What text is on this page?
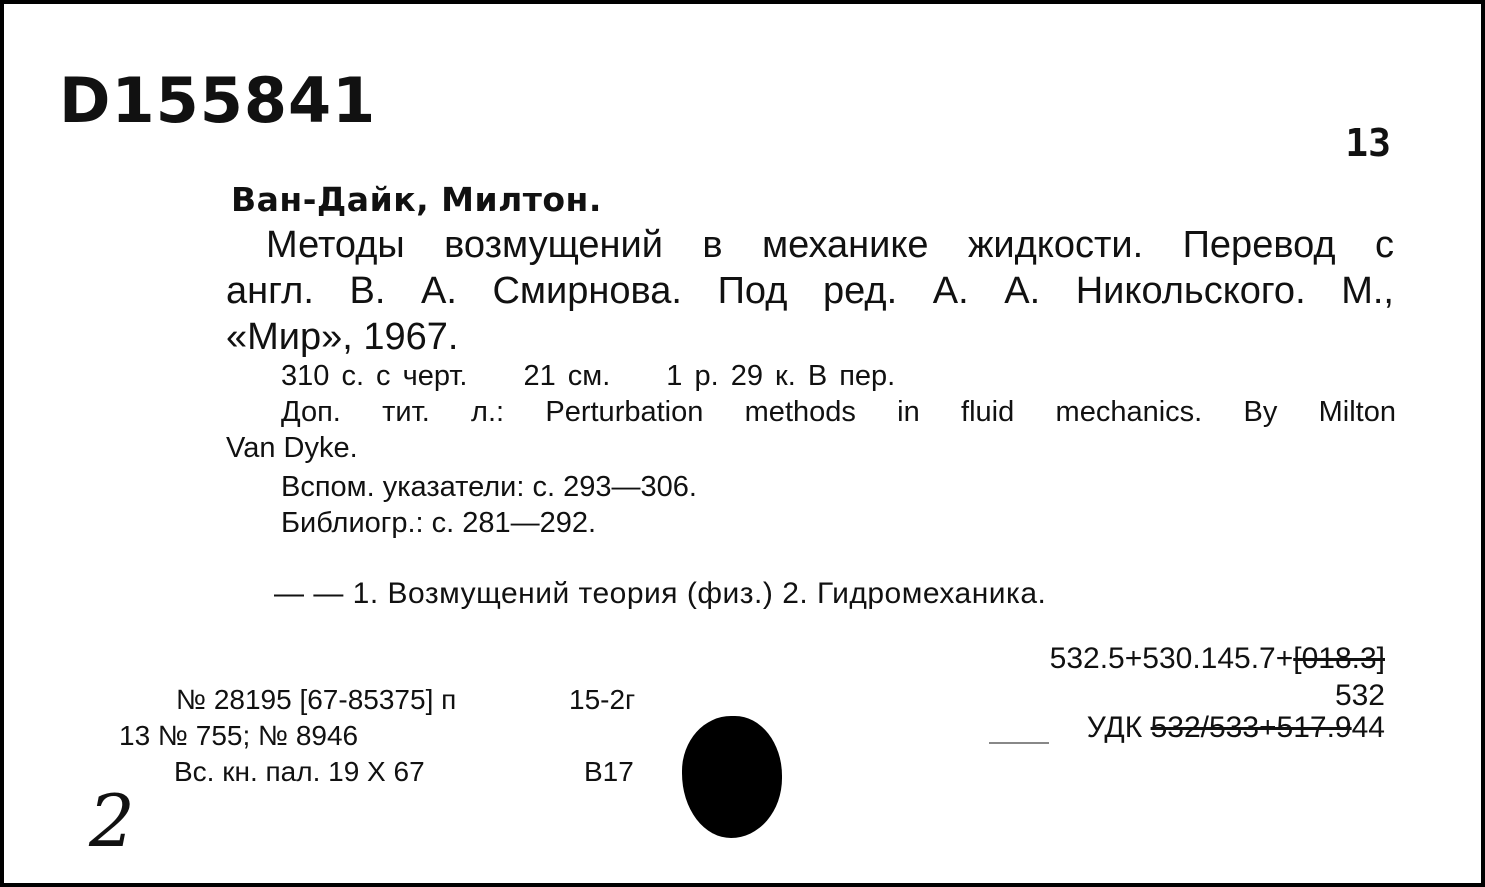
D155841
13
Ван-Дайк, Милтон.
Методы возмущений в механике жидкости. Перевод с
англ. В. А. Смирнова. Под ред. А. А. Никольского. М.,
«Мир», 1967.
310 с. с черт. 21 см. 1 р. 29 к. В пер.
Доп. тит. л.: Perturbation methods in fluid mechanics. By Milton
Van Dyke.
Вспом. указатели: с. 293—306.
Библиогр.: с. 281—292.
— — 1. Возмущений теория (физ.) 2. Гидромеханика.
532.5+530.145.7+[018.3]
532
УДК 532/533+517.944
№ 28195 [67-85375] п	15-2г
13 № 755; № 8946
Вс. кн. пал. 19 X 67	В17
2
